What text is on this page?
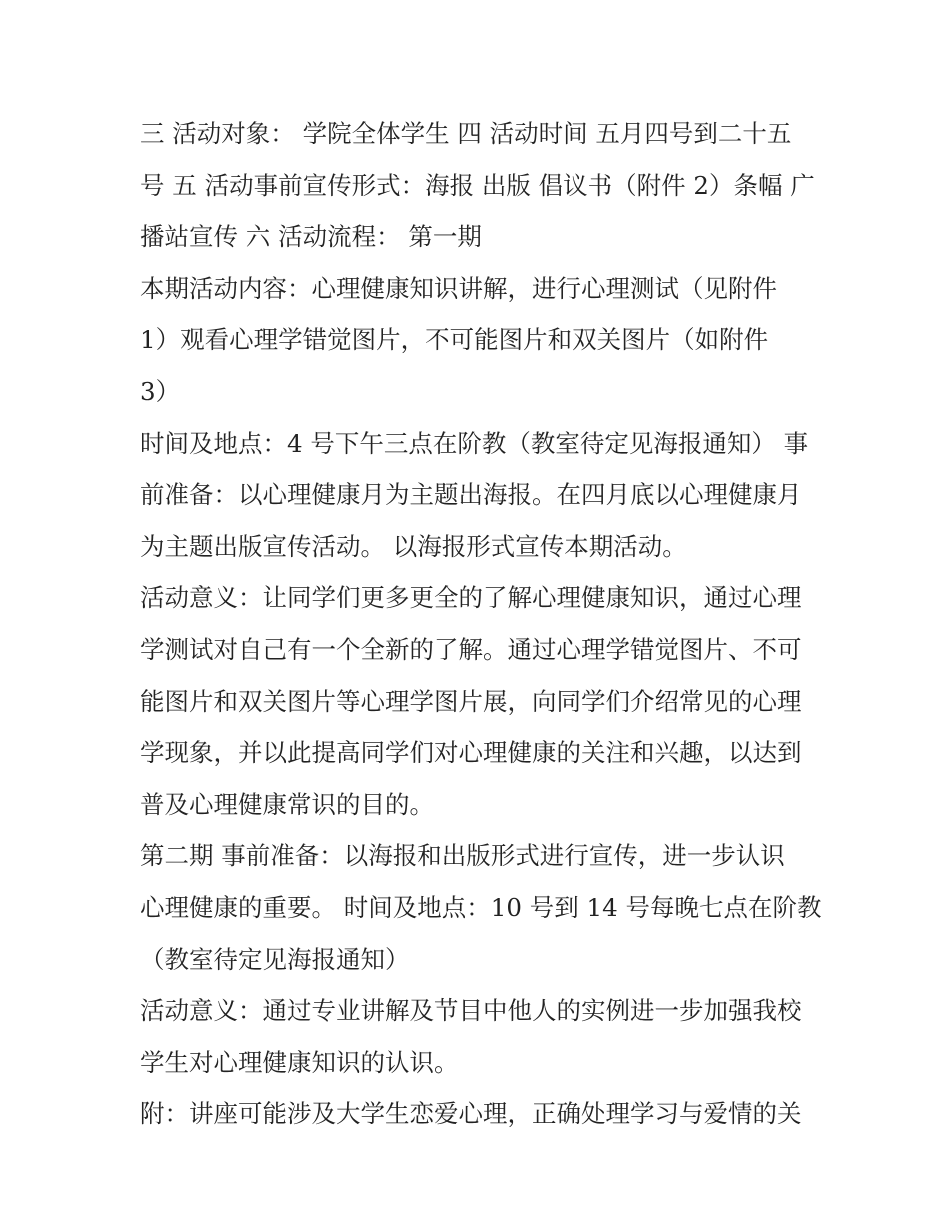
三 活动对象： 学院全体学生 四 活动时间 五月四号到二十五
号 五 活动事前宣传形式：海报 出版 倡议书（附件 2）条幅 广
播站宣传 六 活动流程： 第一期
本期活动内容：心理健康知识讲解，进行心理测试（见附件
1）观看心理学错觉图片，不可能图片和双关图片（如附件
3）
时间及地点：4 号下午三点在阶教（教室待定见海报通知） 事
前准备：以心理健康月为主题出海报。在四月底以心理健康月
为主题出版宣传活动。 以海报形式宣传本期活动。
活动意义：让同学们更多更全的了解心理健康知识，通过心理
学测试对自己有一个全新的了解。通过心理学错觉图片、不可
能图片和双关图片等心理学图片展，向同学们介绍常见的心理
学现象，并以此提高同学们对心理健康的关注和兴趣，以达到
普及心理健康常识的目的。
第二期 事前准备：以海报和出版形式进行宣传，进一步认识
心理健康的重要。 时间及地点：10 号到 14 号每晚七点在阶教
（教室待定见海报通知）
活动意义：通过专业讲解及节目中他人的实例进一步加强我校
学生对心理健康知识的认识。
附：讲座可能涉及大学生恋爱心理，正确处理学习与爱情的关
